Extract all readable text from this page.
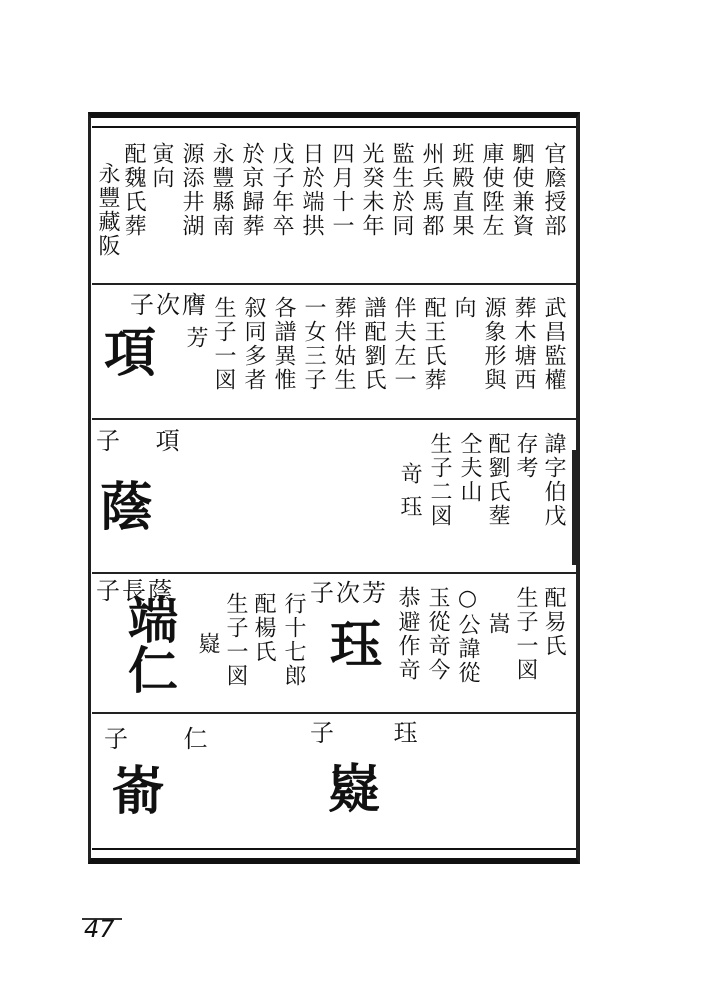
官廕授部
駟使兼資
庫使陞左
班殿直果
州兵馬都
監生於同
光癸未年
四月十一
日於端拱
戊子年卒
於京歸葬
永豐縣南
源添井湖
寅向
配魏氏葬
永豐藏阪
武昌監權
葬木塘西
源象形與
向
配王氏葬
伴夫左一
譜配劉氏
葬伴姑生
一女三子
各譜異惟
叙同多者
生子一図
芳
子次膺
項
諱字伯戊
存考
配劉氏塟
仝夫山
生子二図
竒 珏
子 項
蔭
配易氏
生子一図
嵩
○公諱從
玉從竒今
恭避作竒
子次芳
珏
行十七郎
配楊氏
生子一図
嶷
子長蔭
端仁
子 珏
嶷
子 仁
嵛
47
